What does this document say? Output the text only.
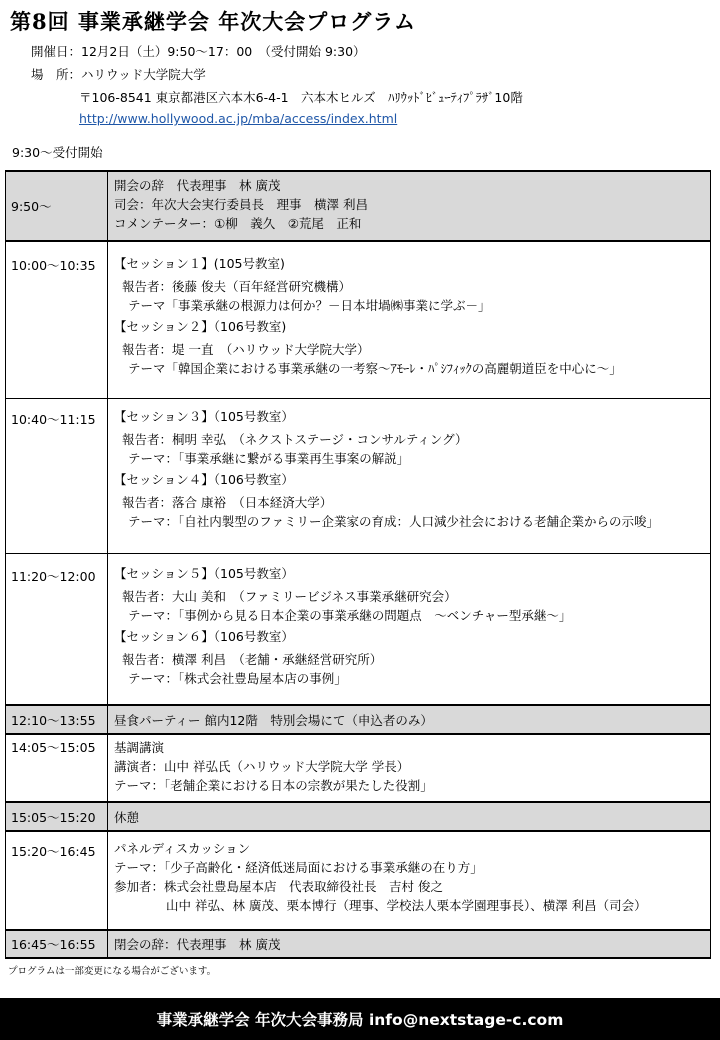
第8回 事業承継学会 年次大会プログラム
開催日：12月2日（土）9:50～17：00　（受付開始 9:30）
場　所：ハリウッド大学院大学
〒106-8541 東京都港区六本木6-4-1　六本木ヒルズ　ﾊﾘｳｯﾄﾞﾋﾞｭｰﾃｨﾌﾟﾗｻﾞ10階
http://www.hollywood.ac.jp/mba/access/index.html
9:30～受付開始
9:50～
開会の辞　代表理事　林 廣茂
司会：年次大会実行委員長　理事　横澤 利昌
コメンテーター：①柳　義久　②荒尾　正和
10:00～10:35	【セッション１】(105号教室)
報告者：後藤 俊夫（百年経営研究機構）
テーマ「事業承継の根源力は何か？－日本坩堝㈱事業に学ぶ－」
【セッション２】（106号教室)
報告者：堤 一直　（ハリウッド大学院大学）
テーマ「韓国企業における事業承継の一考察～ｱﾓｰﾚ・ﾊﾟｼﾌｨｯｸの高麗朝道臣を中心に～」
10:40～11:15	【セッション３】（105号教室）
報告者：桐明 幸弘　（ネクストステージ・コンサルティング）
テーマ：「事業承継に繋がる事業再生事案の解説」
【セッション４】（106号教室）
報告者：落合 康裕　（日本経済大学）
テーマ：「自社内製型のファミリー企業家の育成：人口減少社会における老舗企業からの示唆」
11:20～12:00	【セッション５】（105号教室）
報告者：大山 美和　（ファミリービジネス事業承継研究会）
テーマ：「事例から見る日本企業の事業承継の問題点　～ベンチャー型承継～」
【セッション６】（106号教室）
報告者：横澤 利昌　（老舗・承継経営研究所）
テーマ：「株式会社豊島屋本店の事例」
12:10～13:55	昼食パーティー 館内12階　特別会場にて（申込者のみ）
14:05～15:05	基調講演
講演者：山中 祥弘氏（ハリウッド大学院大学 学長）
テーマ：「老舗企業における日本の宗教が果たした役割」
15:05～15:20	休憩
15:20～16:45	パネルディスカッション
テーマ：「少子高齢化・経済低迷局面における事業承継の在り方」
参加者：株式会社豊島屋本店　代表取締役社長　吉村 俊之
山中 祥弘、林 廣茂、栗本博行（理事、学校法人栗本学園理事長）、横澤 利昌（司会）
16:45～16:55	閉会の辞：代表理事　林 廣茂
プログラムは一部変更になる場合がございます。
事業承継学会 年次大会事務局 info@nextstage-c.com
